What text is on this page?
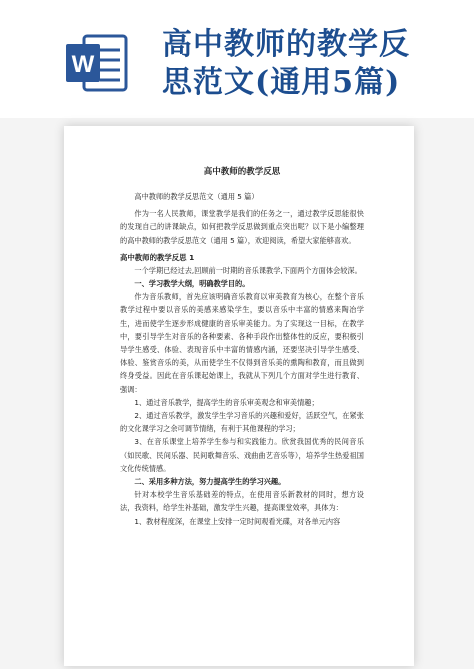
W
高中教师的教学反
思范文(通用5篇)
高中教师的教学反思

高中教师的教学反思范文（通用 5 篇）

作为一名人民教师，课堂教学是我们的任务之一，通过教学反思能很快的发现自己的讲课缺点，如何把教学反思做到重点突出呢？以下是小编整理的高中教师的教学反思范文（通用 5 篇），欢迎阅读，希望大家能够喜欢。

高中教师的教学反思 1

一个学期已经过去,回顾前一时期的音乐课教学,下面两个方面体会较深。

一、学习教学大纲，明确教学目的。

作为音乐教师，首先应该明确音乐教育以审美教育为核心，在整个音乐教学过程中要以音乐的美感来感染学生，要以音乐中丰富的情感来陶冶学生，进而使学生逐步形成健康的音乐审美能力。为了实现这一目标，在教学中，要引导学生对音乐的各种要素、各种手段作出整体性的反应，要积极引导学生感受、体验、表现音乐中丰富的情感内涵，还要坚决引导学生感受、体验、鉴赏音乐的美，从而使学生不仅得到音乐美的熏陶和教育，而且做到终身受益。因此在音乐课起始课上，我就从下列几个方面对学生进行教育、强调：

1、通过音乐教学，提高学生的音乐审美观念和审美情趣；

2、通过音乐教学，激发学生学习音乐的兴趣和爱好，活跃空气，在紧张的文化课学习之余可调节情绪，有利于其他课程的学习；

3、在音乐课堂上培养学生参与和实践能力。欣赏我国优秀的民间音乐（如民歌、民间乐器、民间歌舞音乐、戏曲曲艺音乐等），培养学生热爱祖国文化传统情感。

二、采用多种方法，努力提高学生的学习兴趣。

针对本校学生音乐基础差的特点，在使用音乐新教材的同时，想方设法，我资料，给学生补基础，激发学生兴趣，提高课堂效率，具体为：

1、教材程度深，在课堂上安排一定时间观看光碟，对各单元内容
